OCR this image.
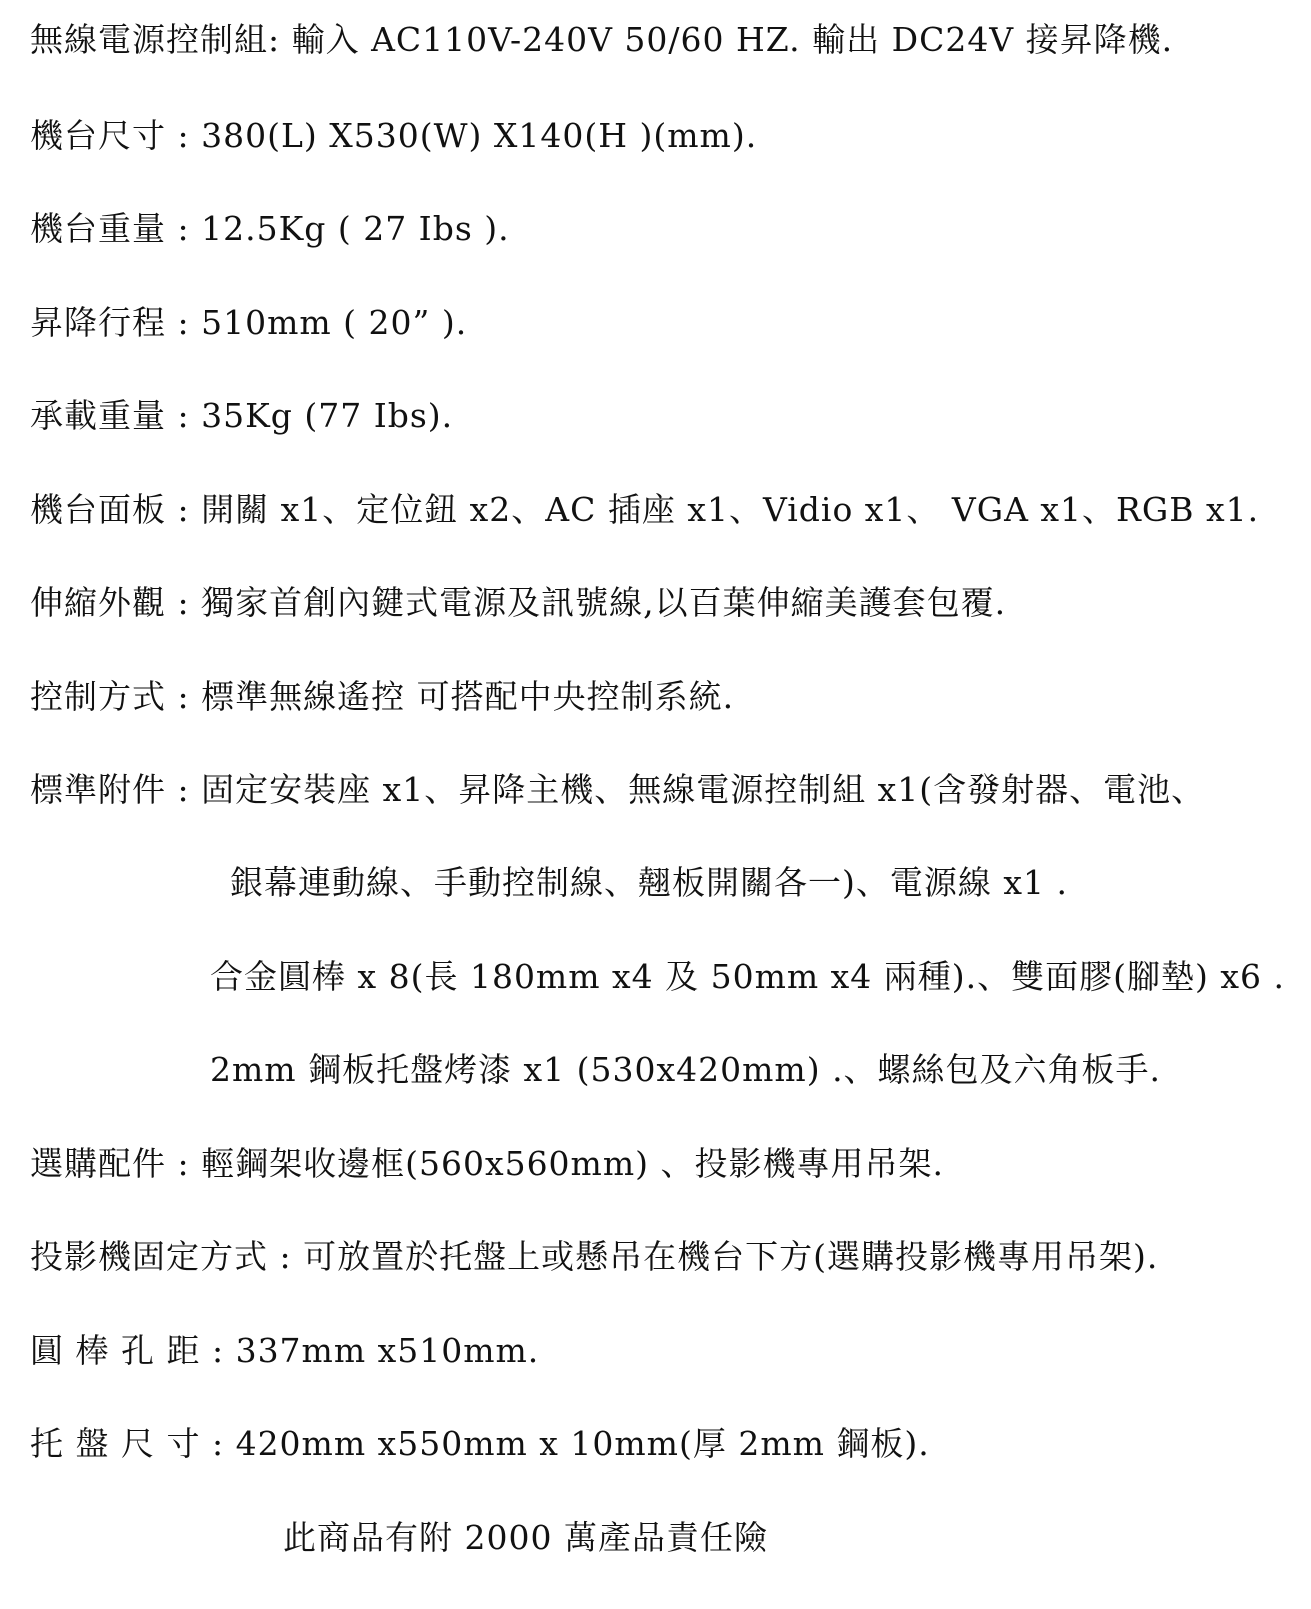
無線電源控制組: 輸入 AC110V-240V 50/60 HZ. 輸出 DC24V 接昇降機.
機台尺寸 : 380(L) X530(W) X140(H )(mm).
機台重量 : 12.5Kg ( 27 Ibs ).
昇降行程 : 510mm ( 20” ).
承載重量 : 35Kg (77 Ibs).
機台面板 : 開關 x1、定位鈕 x2、AC 插座 x1、Vidio x1、 VGA x1、RGB x1.
伸縮外觀 : 獨家首創內鍵式電源及訊號線,以百葉伸縮美護套包覆.
控制方式 : 標準無線遙控 可搭配中央控制系統.
標準附件 : 固定安裝座 x1、昇降主機、無線電源控制組 x1(含發射器、電池、
銀幕連動線、手動控制線、翹板開關各一)、電源線 x1 .
合金圓棒 x 8(長 180mm x4 及 50mm x4 兩種).、雙面膠(腳墊) x6 .
2mm 鋼板托盤烤漆 x1 (530x420mm) .、螺絲包及六角板手.
選購配件 : 輕鋼架收邊框(560x560mm) 、投影機專用吊架.
投影機固定方式 : 可放置於托盤上或懸吊在機台下方(選購投影機專用吊架).
圓 棒 孔 距 : 337mm x510mm.
托 盤 尺 寸 : 420mm x550mm x 10mm(厚 2mm 鋼板).
此商品有附 2000 萬產品責任險
